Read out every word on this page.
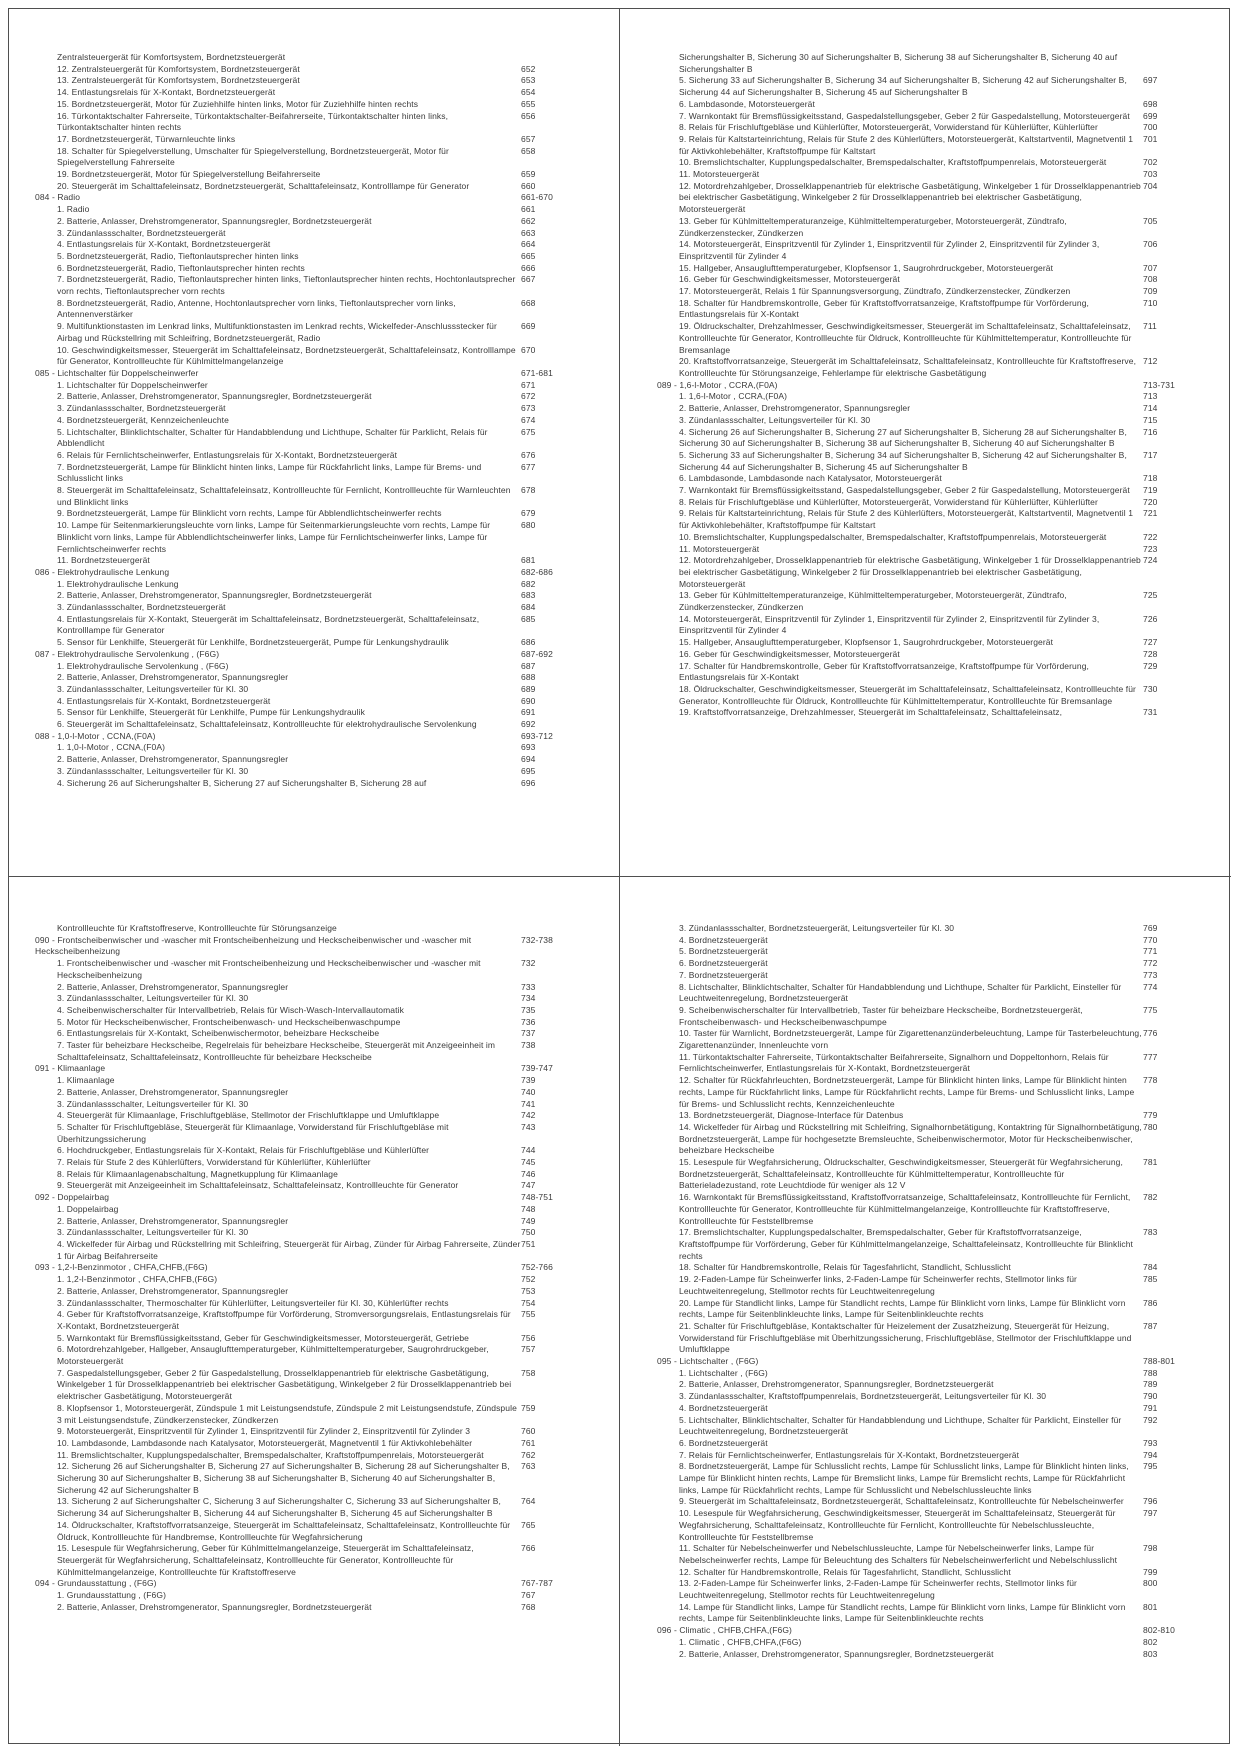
Zentralsteuergerät für Komfortsystem, Bordnetzsteuergerät
12. Zentralsteuergerät für Komfortsystem, Bordnetzsteuergerät	652
13. Zentralsteuergerät für Komfortsystem, Bordnetzsteuergerät	653
14. Entlastungsrelais für X-Kontakt, Bordnetzsteuergerät	654
15. Bordnetzsteuergerät, Motor für Zuziehhilfe hinten links, Motor für Zuziehhilfe hinten rechts	655
16. Türkontaktschalter Fahrerseite, Türkontaktschalter-Beifahrerseite, Türkontaktschalter hinten links, Türkontaktschalter hinten rechts
656
17. Bordnetzsteuergerät, Türwarnleuchte links	657
18. Schalter für Spiegelverstellung, Umschalter für Spiegelverstellung, Bordnetzsteuergerät, Motor für Spiegelverstellung Fahrerseite
658
19. Bordnetzsteuergerät, Motor für Spiegelverstellung Beifahrerseite	659
20. Steuergerät im Schalttafeleinsatz, Bordnetzsteuergerät, Schalttafeleinsatz, Kontrolllampe für Generator	660
084 - Radio	661-670
1. Radio	661
2. Batterie, Anlasser, Drehstromgenerator, Spannungsregler, Bordnetzsteuergerät	662
3. Zündanlassschalter, Bordnetzsteuergerät	663
4. Entlastungsrelais für X-Kontakt, Bordnetzsteuergerät	664
5. Bordnetzsteuergerät, Radio, Tieftonlautsprecher hinten links	665
6. Bordnetzsteuergerät, Radio, Tieftonlautsprecher hinten rechts	666
7. Bordnetzsteuergerät, Radio, Tieftonlautsprecher hinten links, Tieftonlautsprecher hinten rechts, Hochtonlautsprecher vorn rechts, Tieftonlautsprecher vorn rechts
667
8. Bordnetzsteuergerät, Radio, Antenne, Hochtonlautsprecher vorn links, Tieftonlautsprecher vorn links, Antennenverstärker
668
9. Multifunktionstasten im Lenkrad links, Multifunktionstasten im Lenkrad rechts, Wickelfeder-Anschlussstecker für Airbag und Rückstellring mit Schleifring, Bordnetzsteuergerät, Radio
669
10. Geschwindigkeitsmesser, Steuergerät im Schalttafeleinsatz, Bordnetzsteuergerät, Schalttafeleinsatz, Kontrolllampe für Generator, Kontrollleuchte für Kühlmittelmangelanzeige
670
085 - Lichtschalter für Doppelscheinwerfer	671-681
1. Lichtschalter für Doppelscheinwerfer	671
2. Batterie, Anlasser, Drehstromgenerator, Spannungsregler, Bordnetzsteuergerät	672
3. Zündanlassschalter, Bordnetzsteuergerät	673
4. Bordnetzsteuergerät, Kennzeichenleuchte	674
5. Lichtschalter, Blinklichtschalter, Schalter für Handabblendung und Lichthupe, Schalter für Parklicht, Relais für Abblendlicht
675
6. Relais für Fernlichtscheinwerfer, Entlastungsrelais für X-Kontakt, Bordnetzsteuergerät	676
7. Bordnetzsteuergerät, Lampe für Blinklicht hinten links, Lampe für Rückfahrlicht links, Lampe für Brems- und Schlusslicht links
677
8. Steuergerät im Schalttafeleinsatz, Schalttafeleinsatz, Kontrollleuchte für Fernlicht, Kontrollleuchte für Warnleuchten und Blinklicht links
678
9. Bordnetzsteuergerät, Lampe für Blinklicht vorn rechts, Lampe für Abblendlichtscheinwerfer rechts	679
10. Lampe für Seitenmarkierungsleuchte vorn links, Lampe für Seitenmarkierungsleuchte vorn rechts, Lampe für Blinklicht vorn links, Lampe für Abblendlichtscheinwerfer links, Lampe für Fernlichtscheinwerfer links, Lampe für Fernlichtscheinwerfer rechts
680
11. Bordnetzsteuergerät	681
086 - Elektrohydraulische Lenkung	682-686
1. Elektrohydraulische Lenkung	682
2. Batterie, Anlasser, Drehstromgenerator, Spannungsregler, Bordnetzsteuergerät	683
3. Zündanlassschalter, Bordnetzsteuergerät	684
4. Entlastungsrelais für X-Kontakt, Steuergerät im Schalttafeleinsatz, Bordnetzsteuergerät, Schalttafeleinsatz, Kontrolllampe für Generator
685
5. Sensor für Lenkhilfe, Steuergerät für Lenkhilfe, Bordnetzsteuergerät, Pumpe für Lenkungshydraulik	686
087 - Elektrohydraulische Servolenkung , (F6G)	687-692
1. Elektrohydraulische Servolenkung , (F6G)	687
2. Batterie, Anlasser, Drehstromgenerator, Spannungsregler	688
3. Zündanlassschalter, Leitungsverteiler für Kl. 30	689
4. Entlastungsrelais für X-Kontakt, Bordnetzsteuergerät	690
5. Sensor für Lenkhilfe, Steuergerät für Lenkhilfe, Pumpe für Lenkungshydraulik	691
6. Steuergerät im Schalttafeleinsatz, Schalttafeleinsatz, Kontrollleuchte für elektrohydraulische Servolenkung	692
088 - 1,0-l-Motor , CCNA,(F0A)	693-712
1. 1,0-l-Motor , CCNA,(F0A)	693
2. Batterie, Anlasser, Drehstromgenerator, Spannungsregler	694
3. Zündanlassschalter, Leitungsverteiler für Kl. 30	695
4. Sicherung 26 auf Sicherungshalter B, Sicherung 27 auf Sicherungshalter B, Sicherung 28 auf	696
Sicherungshalter B, Sicherung 30 auf Sicherungshalter B, Sicherung 38 auf Sicherungshalter B, Sicherung 40 auf Sicherungshalter B
5. Sicherung 33 auf Sicherungshalter B, Sicherung 34 auf Sicherungshalter B, Sicherung 42 auf Sicherungshalter B, Sicherung 44 auf Sicherungshalter B, Sicherung 45 auf Sicherungshalter B
697
6. Lambdasonde, Motorsteuergerät	698
7. Warnkontakt für Bremsflüssigkeitsstand, Gaspedalstellungsgeber, Geber 2 für Gaspedalstellung, Motorsteuergerät	699
8. Relais für Frischluftgebläse und Kühlerlüfter, Motorsteuergerät, Vorwiderstand für Kühlerlüfter, Kühlerlüfter	700
9. Relais für Kaltstarteinrichtung, Relais für Stufe 2 des Kühlerlüfters, Motorsteuergerät, Kaltstartventil, Magnetventil 1 für Aktivkohlebehälter, Kraftstoffpumpe für Kaltstart
701
10. Bremslichtschalter, Kupplungspedalschalter, Bremspedalschalter, Kraftstoffpumpenrelais, Motorsteuergerät	702
11. Motorsteuergerät	703
12. Motordrehzahlgeber, Drosselklappenantrieb für elektrische Gasbetätigung, Winkelgeber 1 für Drosselklappenantrieb bei elektrischer Gasbetätigung, Winkelgeber 2 für Drosselklappenantrieb bei elektrischer Gasbetätigung, Motorsteuergerät
704
13. Geber für Kühlmitteltemperaturanzeige, Kühlmitteltemperaturgeber, Motorsteuergerät, Zündtrafo, Zündkerzenstecker, Zündkerzen
705
14. Motorsteuergerät, Einspritzventil für Zylinder 1, Einspritzventil für Zylinder 2, Einspritzventil für Zylinder 3, Einspritzventil für Zylinder 4
706
15. Hallgeber, Ansauglufttemperaturgeber, Klopfsensor 1, Saugrohrdruckgeber, Motorsteuergerät	707
16. Geber für Geschwindigkeitsmesser, Motorsteuergerät	708
17. Motorsteuergerät, Relais 1 für Spannungsversorgung, Zündtrafo, Zündkerzenstecker, Zündkerzen	709
18. Schalter für Handbremskontrolle, Geber für Kraftstoffvorratsanzeige, Kraftstoffpumpe für Vorförderung, Entlastungsrelais für X-Kontakt
710
19. Öldruckschalter, Drehzahlmesser, Geschwindigkeitsmesser, Steuergerät im Schalttafeleinsatz, Schalttafeleinsatz, Kontrollleuchte für Generator, Kontrollleuchte für Öldruck, Kontrollleuchte für Kühlmitteltemperatur, Kontrollleuchte für Bremsanlage
711
20. Kraftstoffvorratsanzeige, Steuergerät im Schalttafeleinsatz, Schalttafeleinsatz, Kontrollleuchte für Kraftstoffreserve, Kontrollleuchte für Störungsanzeige, Fehlerlampe für elektrische Gasbetätigung
712
089 - 1,6-l-Motor , CCRA,(F0A)	713-731
1. 1,6-l-Motor , CCRA,(F0A)	713
2. Batterie, Anlasser, Drehstromgenerator, Spannungsregler	714
3. Zündanlassschalter, Leitungsverteiler für Kl. 30	715
4. Sicherung 26 auf Sicherungshalter B, Sicherung 27 auf Sicherungshalter B, Sicherung 28 auf Sicherungshalter B, Sicherung 30 auf Sicherungshalter B, Sicherung 38 auf Sicherungshalter B, Sicherung 40 auf Sicherungshalter B
716
5. Sicherung 33 auf Sicherungshalter B, Sicherung 34 auf Sicherungshalter B, Sicherung 42 auf Sicherungshalter B, Sicherung 44 auf Sicherungshalter B, Sicherung 45 auf Sicherungshalter B
717
6. Lambdasonde, Lambdasonde nach Katalysator, Motorsteuergerät	718
7. Warnkontakt für Bremsflüssigkeitsstand, Gaspedalstellungsgeber, Geber 2 für Gaspedalstellung, Motorsteuergerät	719
8. Relais für Frischluftgebläse und Kühlerlüfter, Motorsteuergerät, Vorwiderstand für Kühlerlüfter, Kühlerlüfter	720
9. Relais für Kaltstarteinrichtung, Relais für Stufe 2 des Kühlerlüfters, Motorsteuergerät, Kaltstartventil, Magnetventil 1 für Aktivkohlebehälter, Kraftstoffpumpe für Kaltstart
721
10. Bremslichtschalter, Kupplungspedalschalter, Bremspedalschalter, Kraftstoffpumpenrelais, Motorsteuergerät	722
11. Motorsteuergerät	723
12. Motordrehzahlgeber, Drosselklappenantrieb für elektrische Gasbetätigung, Winkelgeber 1 für Drosselklappenantrieb bei elektrischer Gasbetätigung, Winkelgeber 2 für Drosselklappenantrieb bei elektrischer Gasbetätigung, Motorsteuergerät
724
13. Geber für Kühlmitteltemperaturanzeige, Kühlmitteltemperaturgeber, Motorsteuergerät, Zündtrafo, Zündkerzenstecker, Zündkerzen
725
14. Motorsteuergerät, Einspritzventil für Zylinder 1, Einspritzventil für Zylinder 2, Einspritzventil für Zylinder 3, Einspritzventil für Zylinder 4
726
15. Hallgeber, Ansauglufttemperaturgeber, Klopfsensor 1, Saugrohrdruckgeber, Motorsteuergerät	727
16. Geber für Geschwindigkeitsmesser, Motorsteuergerät	728
17. Schalter für Handbremskontrolle, Geber für Kraftstoffvorratsanzeige, Kraftstoffpumpe für Vorförderung, Entlastungsrelais für X-Kontakt
729
18. Öldruckschalter, Geschwindigkeitsmesser, Steuergerät im Schalttafeleinsatz, Schalttafeleinsatz, Kontrollleuchte für Generator, Kontrollleuchte für Öldruck, Kontrollleuchte für Kühlmitteltemperatur, Kontrollleuchte für Bremsanlage
730
19. Kraftstoffvorratsanzeige, Drehzahlmesser, Steuergerät im Schalttafeleinsatz, Schalttafeleinsatz,	731
Kontrollleuchte für Kraftstoffreserve, Kontrollleuchte für Störungsanzeige
090 - Frontscheibenwischer und -wascher mit Frontscheibenheizung und Heckscheibenwischer und -wascher mit Heckscheibenheizung
732-738
1. Frontscheibenwischer und -wascher mit Frontscheibenheizung und Heckscheibenwischer und -wascher mit Heckscheibenheizung
732
2. Batterie, Anlasser, Drehstromgenerator, Spannungsregler	733
3. Zündanlassschalter, Leitungsverteiler für Kl. 30	734
4. Scheibenwischerschalter für Intervallbetrieb, Relais für Wisch-Wasch-Intervallautomatik	735
5. Motor für Heckscheibenwischer, Frontscheibenwasch- und Heckscheibenwaschpumpe	736
6. Entlastungsrelais für X-Kontakt, Scheibenwischermotor, beheizbare Heckscheibe	737
7. Taster für beheizbare Heckscheibe, Regelrelais für beheizbare Heckscheibe, Steuergerät mit Anzeigeeinheit im Schalttafeleinsatz, Schalttafeleinsatz, Kontrollleuchte für beheizbare Heckscheibe
738
091 - Klimaanlage	739-747
1. Klimaanlage	739
2. Batterie, Anlasser, Drehstromgenerator, Spannungsregler	740
3. Zündanlassschalter, Leitungsverteiler für Kl. 30	741
4. Steuergerät für Klimaanlage, Frischluftgebläse, Stellmotor der Frischluftklappe und Umluftklappe	742
5. Schalter für Frischluftgebläse, Steuergerät für Klimaanlage, Vorwiderstand für Frischluftgebläse mit Überhitzungssicherung
743
6. Hochdruckgeber, Entlastungsrelais für X-Kontakt, Relais für Frischluftgebläse und Kühlerlüfter	744
7. Relais für Stufe 2 des Kühlerlüfters, Vorwiderstand für Kühlerlüfter, Kühlerlüfter	745
8. Relais für Klimaanlagenabschaltung, Magnetkupplung für Klimaanlage	746
9. Steuergerät mit Anzeigeeinheit im Schalttafeleinsatz, Schalttafeleinsatz, Kontrollleuchte für Generator	747
092 - Doppelairbag	748-751
1. Doppelairbag	748
2. Batterie, Anlasser, Drehstromgenerator, Spannungsregler	749
3. Zündanlassschalter, Leitungsverteiler für Kl. 30	750
4. Wickelfeder für Airbag und Rückstellring mit Schleifring, Steuergerät für Airbag, Zünder für Airbag Fahrerseite, Zünder 1 für Airbag Beifahrerseite
751
093 - 1,2-l-Benzinmotor , CHFA,CHFB,(F6G)	752-766
1. 1,2-l-Benzinmotor , CHFA,CHFB,(F6G)	752
2. Batterie, Anlasser, Drehstromgenerator, Spannungsregler	753
3. Zündanlassschalter, Thermoschalter für Kühlerlüfter, Leitungsverteiler für Kl. 30, Kühlerlüfter rechts	754
4. Geber für Kraftstoffvorratsanzeige, Kraftstoffpumpe für Vorförderung, Stromversorgungsrelais, Entlastungsrelais für X-Kontakt, Bordnetzsteuergerät
755
5. Warnkontakt für Bremsflüssigkeitsstand, Geber für Geschwindigkeitsmesser, Motorsteuergerät, Getriebe	756
6. Motordrehzahlgeber, Hallgeber, Ansauglufttemperaturgeber, Kühlmitteltemperaturgeber, Saugrohrdruckgeber, Motorsteuergerät
757
7. Gaspedalstellungsgeber, Geber 2 für Gaspedalstellung, Drosselklappenantrieb für elektrische Gasbetätigung, Winkelgeber 1 für Drosselklappenantrieb bei elektrischer Gasbetätigung, Winkelgeber 2 für Drosselklappenantrieb bei elektrischer Gasbetätigung, Motorsteuergerät
758
8. Klopfsensor 1, Motorsteuergerät, Zündspule 1 mit Leistungsendstufe, Zündspule 2 mit Leistungsendstufe, Zündspule 3 mit Leistungsendstufe, Zündkerzenstecker, Zündkerzen
759
9. Motorsteuergerät, Einspritzventil für Zylinder 1, Einspritzventil für Zylinder 2, Einspritzventil für Zylinder 3	760
10. Lambdasonde, Lambdasonde nach Katalysator, Motorsteuergerät, Magnetventil 1 für Aktivkohlebehälter	761
11. Bremslichtschalter, Kupplungspedalschalter, Bremspedalschalter, Kraftstoffpumpenrelais, Motorsteuergerät	762
12. Sicherung 26 auf Sicherungshalter B, Sicherung 27 auf Sicherungshalter B, Sicherung 28 auf Sicherungshalter B, Sicherung 30 auf Sicherungshalter B, Sicherung 38 auf Sicherungshalter B, Sicherung 40 auf Sicherungshalter B, Sicherung 42 auf Sicherungshalter B
763
13. Sicherung 2 auf Sicherungshalter C, Sicherung 3 auf Sicherungshalter C, Sicherung 33 auf Sicherungshalter B, Sicherung 34 auf Sicherungshalter B, Sicherung 44 auf Sicherungshalter B, Sicherung 45 auf Sicherungshalter B
764
14. Öldruckschalter, Kraftstoffvorratsanzeige, Steuergerät im Schalttafeleinsatz, Schalttafeleinsatz, Kontrollleuchte für Öldruck, Kontrollleuchte für Handbremse, Kontrollleuchte für Wegfahrsicherung
765
15. Lesespule für Wegfahrsicherung, Geber für Kühlmittelmangelanzeige, Steuergerät im Schalttafeleinsatz, Steuergerät für Wegfahrsicherung, Schalttafeleinsatz, Kontrollleuchte für Generator, Kontrollleuchte für Kühlmittelmangelanzeige, Kontrollleuchte für Kraftstoffreserve
766
094 - Grundausstattung , (F6G)	767-787
1. Grundausstattung , (F6G)	767
2. Batterie, Anlasser, Drehstromgenerator, Spannungsregler, Bordnetzsteuergerät	768
3. Zündanlassschalter, Bordnetzsteuergerät, Leitungsverteiler für Kl. 30	769
4. Bordnetzsteuergerät	770
5. Bordnetzsteuergerät	771
6. Bordnetzsteuergerät	772
7. Bordnetzsteuergerät	773
8. Lichtschalter, Blinklichtschalter, Schalter für Handabblendung und Lichthupe, Schalter für Parklicht, Einsteller für Leuchtweitenregelung, Bordnetzsteuergerät
774
9. Scheibenwischerschalter für Intervallbetrieb, Taster für beheizbare Heckscheibe, Bordnetzsteuergerät, Frontscheibenwasch- und Heckscheibenwaschpumpe
775
10. Taster für Warnlicht, Bordnetzsteuergerät, Lampe für Zigarettenanzünderbeleuchtung, Lampe für Tasterbeleuchtung, Zigarettenanzünder, Innenleuchte vorn
776
11. Türkontaktschalter Fahrerseite, Türkontaktschalter Beifahrerseite, Signalhorn und Doppeltonhorn, Relais für Fernlichtscheinwerfer, Entlastungsrelais für X-Kontakt, Bordnetzsteuergerät
777
12. Schalter für Rückfahrleuchten, Bordnetzsteuergerät, Lampe für Blinklicht hinten links, Lampe für Blinklicht hinten rechts, Lampe für Rückfahrlicht links, Lampe für Rückfahrlicht rechts, Lampe für Brems- und Schlusslicht links, Lampe für Brems- und Schlusslicht rechts, Kennzeichenleuchte
778
13. Bordnetzsteuergerät, Diagnose-Interface für Datenbus	779
14. Wickelfeder für Airbag und Rückstellring mit Schleifring, Signalhornbetätigung, Kontaktring für Signalhornbetätigung, Bordnetzsteuergerät, Lampe für hochgesetzte Bremsleuchte, Scheibenwischermotor, Motor für Heckscheibenwischer, beheizbare Heckscheibe
780
15. Lesespule für Wegfahrsicherung, Öldruckschalter, Geschwindigkeitsmesser, Steuergerät für Wegfahrsicherung, Bordnetzsteuergerät, Schalttafeleinsatz, Kontrollleuchte für Kühlmitteltemperatur, Kontrollleuchte für Batterieladezustand, rote Leuchtdiode für weniger als 12 V
781
16. Warnkontakt für Bremsflüssigkeitsstand, Kraftstoffvorratsanzeige, Schalttafeleinsatz, Kontrollleuchte für Fernlicht, Kontrollleuchte für Generator, Kontrollleuchte für Kühlmittelmangelanzeige, Kontrollleuchte für Kraftstoffreserve, Kontrollleuchte für Feststellbremse
782
17. Bremslichtschalter, Kupplungspedalschalter, Bremspedalschalter, Geber für Kraftstoffvorratsanzeige, Kraftstoffpumpe für Vorförderung, Geber für Kühlmittelmangelanzeige, Schalttafeleinsatz, Kontrollleuchte für Blinklicht rechts
783
18. Schalter für Handbremskontrolle, Relais für Tagesfahrlicht, Standlicht, Schlusslicht	784
19. 2-Faden-Lampe für Scheinwerfer links, 2-Faden-Lampe für Scheinwerfer rechts, Stellmotor links für Leuchtweitenregelung, Stellmotor rechts für Leuchtweitenregelung
785
20. Lampe für Standlicht links, Lampe für Standlicht rechts, Lampe für Blinklicht vorn links, Lampe für Blinklicht vorn rechts, Lampe für Seitenblinkleuchte links, Lampe für Seitenblinkleuchte rechts
786
21. Schalter für Frischluftgebläse, Kontaktschalter für Heizelement der Zusatzheizung, Steuergerät für Heizung, Vorwiderstand für Frischluftgebläse mit Überhitzungssicherung, Frischluftgebläse, Stellmotor der Frischluftklappe und Umluftklappe
787
095 - Lichtschalter , (F6G)	788-801
1. Lichtschalter , (F6G)	788
2. Batterie, Anlasser, Drehstromgenerator, Spannungsregler, Bordnetzsteuergerät	789
3. Zündanlassschalter, Kraftstoffpumpenrelais, Bordnetzsteuergerät, Leitungsverteiler für Kl. 30	790
4. Bordnetzsteuergerät	791
5. Lichtschalter, Blinklichtschalter, Schalter für Handabblendung und Lichthupe, Schalter für Parklicht, Einsteller für Leuchtweitenregelung, Bordnetzsteuergerät
792
6. Bordnetzsteuergerät	793
7. Relais für Fernlichtscheinwerfer, Entlastungsrelais für X-Kontakt, Bordnetzsteuergerät	794
8. Bordnetzsteuergerät, Lampe für Schlusslicht rechts, Lampe für Schlusslicht links, Lampe für Blinklicht hinten links, Lampe für Blinklicht hinten rechts, Lampe für Bremslicht links, Lampe für Bremslicht rechts, Lampe für Rückfahrlicht links, Lampe für Rückfahrlicht rechts, Lampe für Schlusslicht und Nebelschlussleuchte links
795
9. Steuergerät im Schalttafeleinsatz, Bordnetzsteuergerät, Schalttafeleinsatz, Kontrollleuchte für Nebelscheinwerfer	796
10. Lesespule für Wegfahrsicherung, Geschwindigkeitsmesser, Steuergerät im Schalttafeleinsatz, Steuergerät für Wegfahrsicherung, Schalttafeleinsatz, Kontrollleuchte für Fernlicht, Kontrollleuchte für Nebelschlussleuchte, Kontrollleuchte für Feststellbremse
797
11. Schalter für Nebelscheinwerfer und Nebelschlussleuchte, Lampe für Nebelscheinwerfer links, Lampe für Nebelscheinwerfer rechts, Lampe für Beleuchtung des Schalters für Nebelscheinwerferlicht und Nebelschlusslicht
798
12. Schalter für Handbremskontrolle, Relais für Tagesfahrlicht, Standlicht, Schlusslicht	799
13. 2-Faden-Lampe für Scheinwerfer links, 2-Faden-Lampe für Scheinwerfer rechts, Stellmotor links für Leuchtweitenregelung, Stellmotor rechts für Leuchtweitenregelung
800
14. Lampe für Standlicht links, Lampe für Standlicht rechts, Lampe für Blinklicht vorn links, Lampe für Blinklicht vorn rechts, Lampe für Seitenblinkleuchte links, Lampe für Seitenblinkleuchte rechts
801
096 - Climatic , CHFB,CHFA,(F6G)	802-810
1. Climatic , CHFB,CHFA,(F6G)	802
2. Batterie, Anlasser, Drehstromgenerator, Spannungsregler, Bordnetzsteuergerät	803
